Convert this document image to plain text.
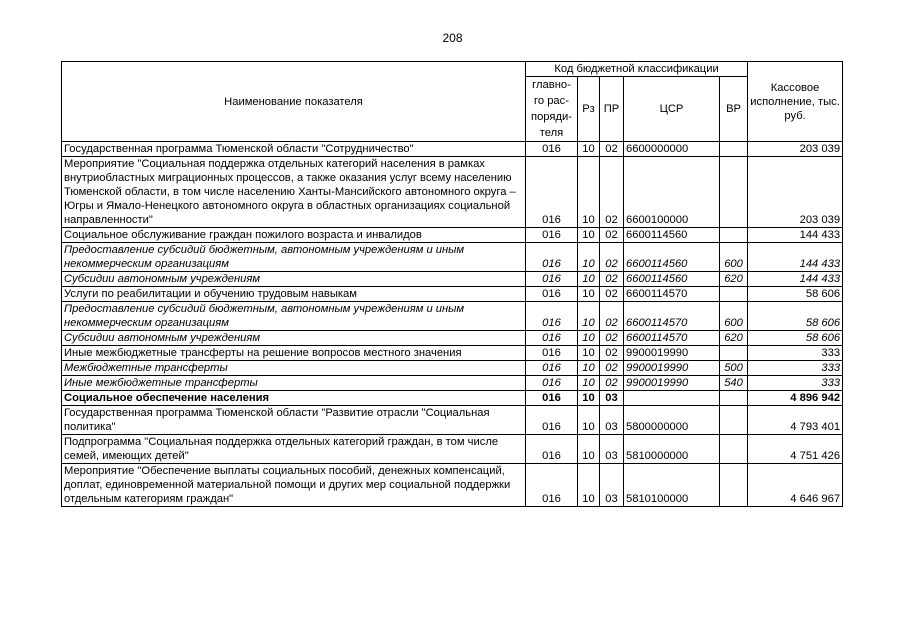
208
Наименование показателя	Код бюджетной классификации					Кассовое исполнение, тыс. руб.
	главно-
го рас-
поряди-
теля	Рз	ПР	ЦСР	ВР	
Государственная программа Тюменской области "Сотрудничество"	016	10	02	6600000000		203 039
Мероприятие "Социальная поддержка отдельных категорий населения в рамках внутриобластных миграционных процессов, а также оказания услуг всему населению Тюменской области, в том числе населению Ханты-Мансийского автономного округа – Югры и Ямало-Ненецкого автономного округа в областных организациях социальной направленности"	016	10	02	6600100000		203 039
Социальное обслуживание граждан пожилого возраста и инвалидов	016	10	02	6600114560		144 433
Предоставление субсидий бюджетным, автономным учреждениям и иным некоммерческим организациям	016	10	02	6600114560	600	144 433
Субсидии автономным учреждениям	016	10	02	6600114560	620	144 433
Услуги по реабилитации и обучению трудовым навыкам	016	10	02	6600114570		58 606
Предоставление субсидий бюджетным, автономным учреждениям и иным некоммерческим организациям	016	10	02	6600114570	600	58 606
Субсидии автономным учреждениям	016	10	02	6600114570	620	58 606
Иные межбюджетные трансферты на решение вопросов местного значения	016	10	02	9900019990		333
Межбюджетные трансферты	016	10	02	9900019990	500	333
Иные межбюджетные трансферты	016	10	02	9900019990	540	333
Социальное обеспечение населения	016	10	03			4 896 942
Государственная программа Тюменской области "Развитие отрасли "Социальная политика"	016	10	03	5800000000		4 793 401
Подпрограмма "Социальная поддержка отдельных категорий граждан, в том числе семей, имеющих детей"	016	10	03	5810000000		4 751 426
Мероприятие "Обеспечение выплаты социальных пособий, денежных компенсаций, доплат, единовременной материальной помощи и других мер социальной поддержки отдельным категориям граждан"	016	10	03	5810100000		4 646 967
